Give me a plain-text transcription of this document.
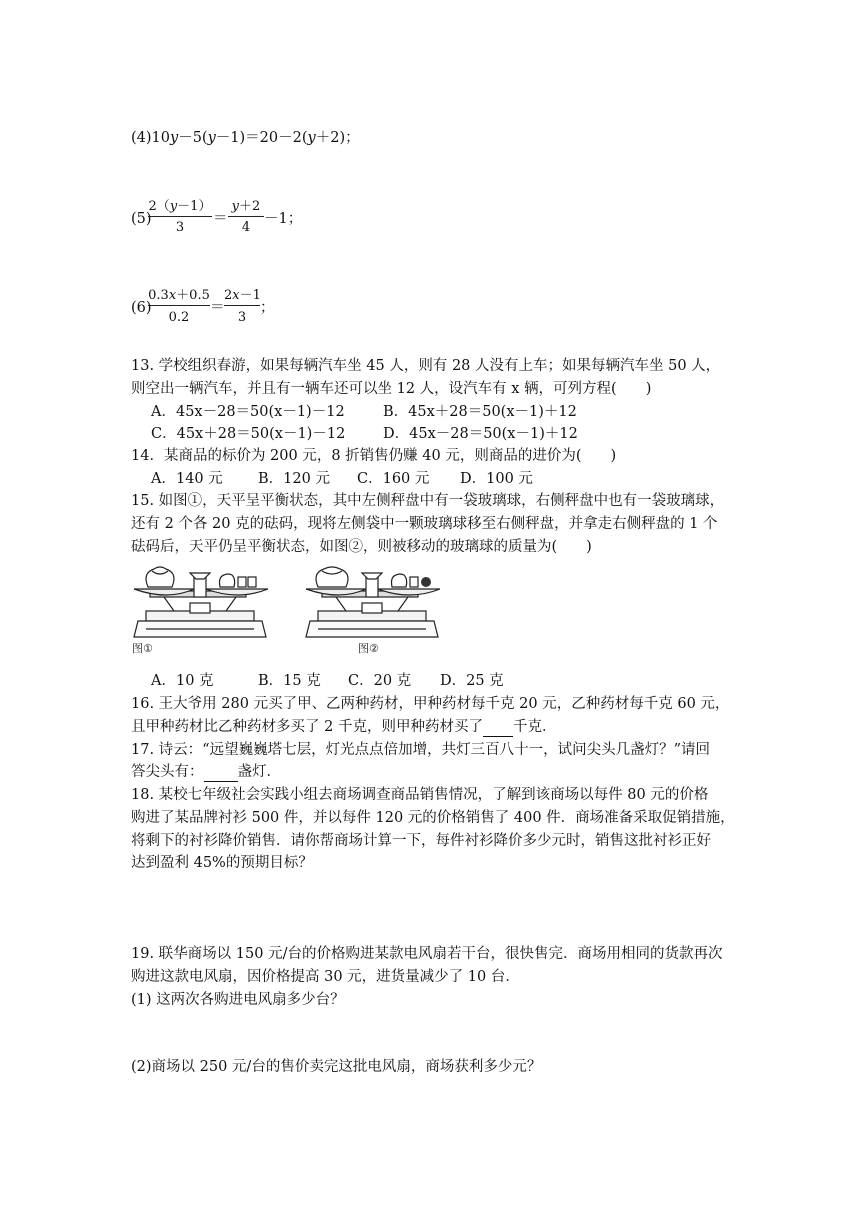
(4)10y－5(y－1)＝20－2(y＋2)；
(5)
2（y－1）
3
＝
y＋2
4
－1；
(6)
0.3x＋0.5
0.2
＝
2x－1
3
；
13. 学校组织春游，如果每辆汽车坐 45 人，则有 28 人没有上车；如果每辆汽车坐 50 人，
则空出一辆汽车，并且有一辆车还可以坐 12 人，设汽车有 x 辆，可列方程(　　)
A．45x－28＝50(x－1)－12	B．45x＋28＝50(x－1)＋12
C．45x＋28＝50(x－1)－12	D．45x－28＝50(x－1)＋12
14．某商品的标价为 200 元，8 折销售仍赚 40 元，则商品的进价为(　　)
A．140 元 B．120 元 C．160 元 D．100 元
15. 如图①，天平呈平衡状态，其中左侧秤盘中有一袋玻璃球，右侧秤盘中也有一袋玻璃球，
还有 2 个各 20 克的砝码，现将左侧袋中一颗玻璃球移至右侧秤盘，并拿走右侧秤盘的 1 个
砝码后，天平仍呈平衡状态，如图②，则被移动的玻璃球的质量为(　　)
图①	图②
A．10 克	B．15 克 C．20 克 D．25 克
16. 王大爷用 280 元买了甲、乙两种药材，甲种药材每千克 20 元，乙种药材每千克 60 元，
且甲种药材比乙种药材多买了 2 千克，则甲种药材买了 千克．
17. 诗云：“远望巍巍塔七层，灯光点点倍加增，共灯三百八十一，试问尖头几盏灯？”请回
答尖头有： 盏灯．
18. 某校七年级社会实践小组去商场调查商品销售情况，了解到该商场以每件 80 元的价格
购进了某品牌衬衫 500 件，并以每件 120 元的价格销售了 400 件．商场准备采取促销措施，
将剩下的衬衫降价销售．请你帮商场计算一下，每件衬衫降价多少元时，销售这批衬衫正好
达到盈利 45%的预期目标？
19. 联华商场以 150 元/台的价格购进某款电风扇若干台，很快售完．商场用相同的货款再次
购进这款电风扇，因价格提高 30 元，进货量减少了 10 台．
(1) 这两次各购进电风扇多少台？
(2)商场以 250 元/台的售价卖完这批电风扇，商场获利多少元？
